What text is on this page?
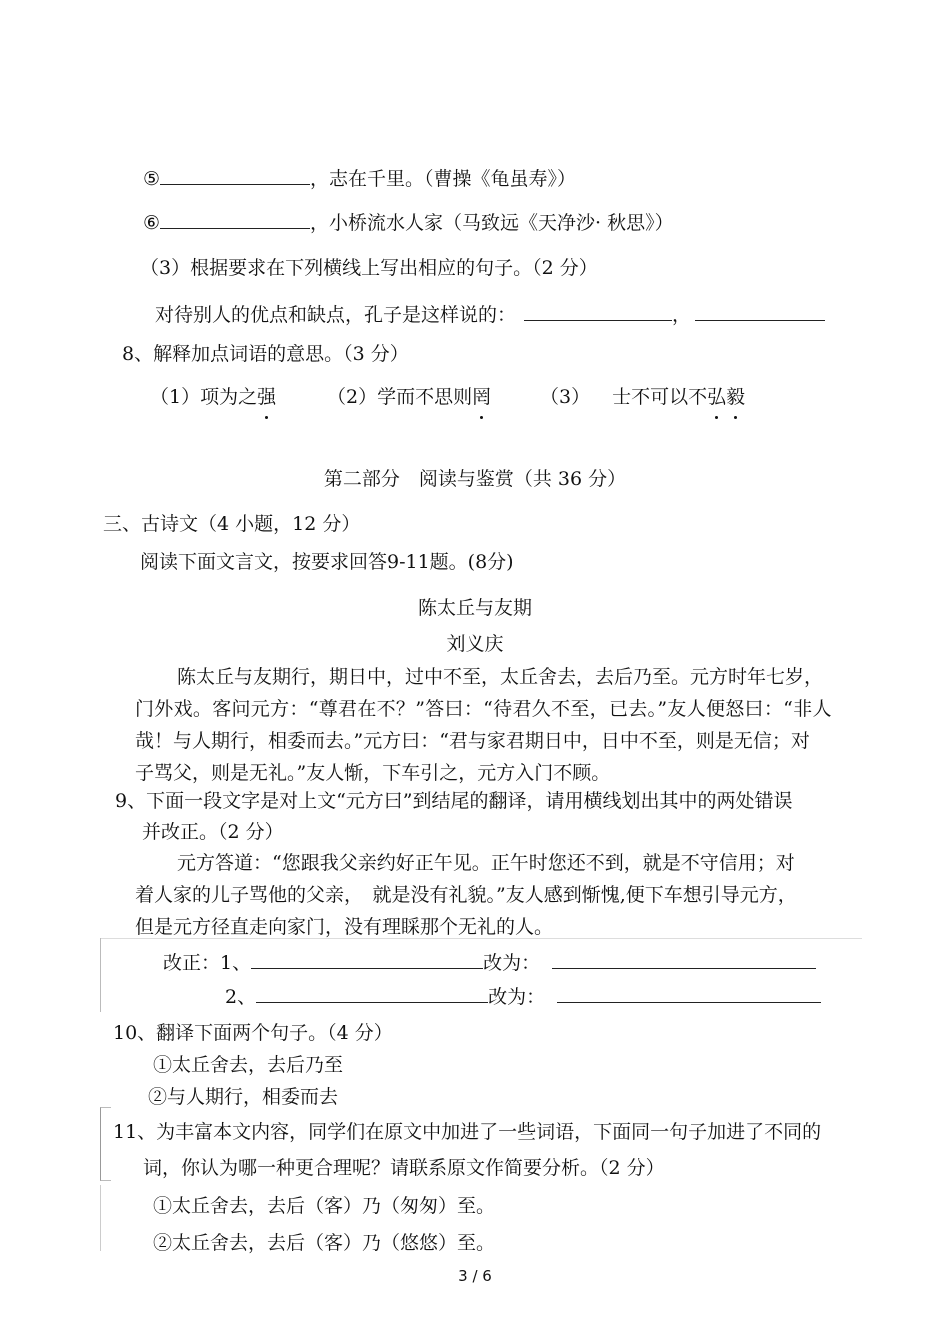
⑤	，志在千里。（曹操《龟虽寿》）
⑥	，小桥流水人家（马致远《天净沙· 秋思》）
（3）根据要求在下列横线上写出相应的句子。（2 分）
对待别人的优点和缺点，孔子是这样说的：	，
8、解释加点词语的意思。（3 分）
（1）项为之强	（2）学而不思则罔	（3） 士不可以不弘毅
第二部分　阅读与鉴赏（共 36 分）
三、古诗文（4 小题，12 分）
阅读下面文言文，按要求回答9-11题。(8分)
陈太丘与友期
刘义庆
陈太丘与友期行，期日中，过中不至，太丘舍去，去后乃至。元方时年七岁，
门外戏。客问元方：“尊君在不？”答曰：“待君久不至，已去。”友人便怒曰：“非人
哉！与人期行，相委而去。”元方曰：“君与家君期日中，日中不至，则是无信；对
子骂父，则是无礼。”友人惭，下车引之，元方入门不顾。
9、下面一段文字是对上文“元方曰”到结尾的翻译，请用横线划出其中的两处错误
并改正。（2 分）
元方答道：“您跟我父亲约好正午见。正午时您还不到，就是不守信用；对
着人家的儿子骂他的父亲，　就是没有礼貌。”友人感到惭愧,便下车想引导元方，
但是元方径直走向家门，没有理睬那个无礼的人。
改正：1、	改为：
2、	改为：
10、翻译下面两个句子。（4 分）
①太丘舍去，去后乃至
②与人期行，相委而去
11、为丰富本文内容，同学们在原文中加进了一些词语，下面同一句子加进了不同的
词，你认为哪一种更合理呢？请联系原文作简要分析。（2 分）
①太丘舍去，去后（客）乃（匆匆）至。
②太丘舍去，去后（客）乃（悠悠）至。
3 / 6
